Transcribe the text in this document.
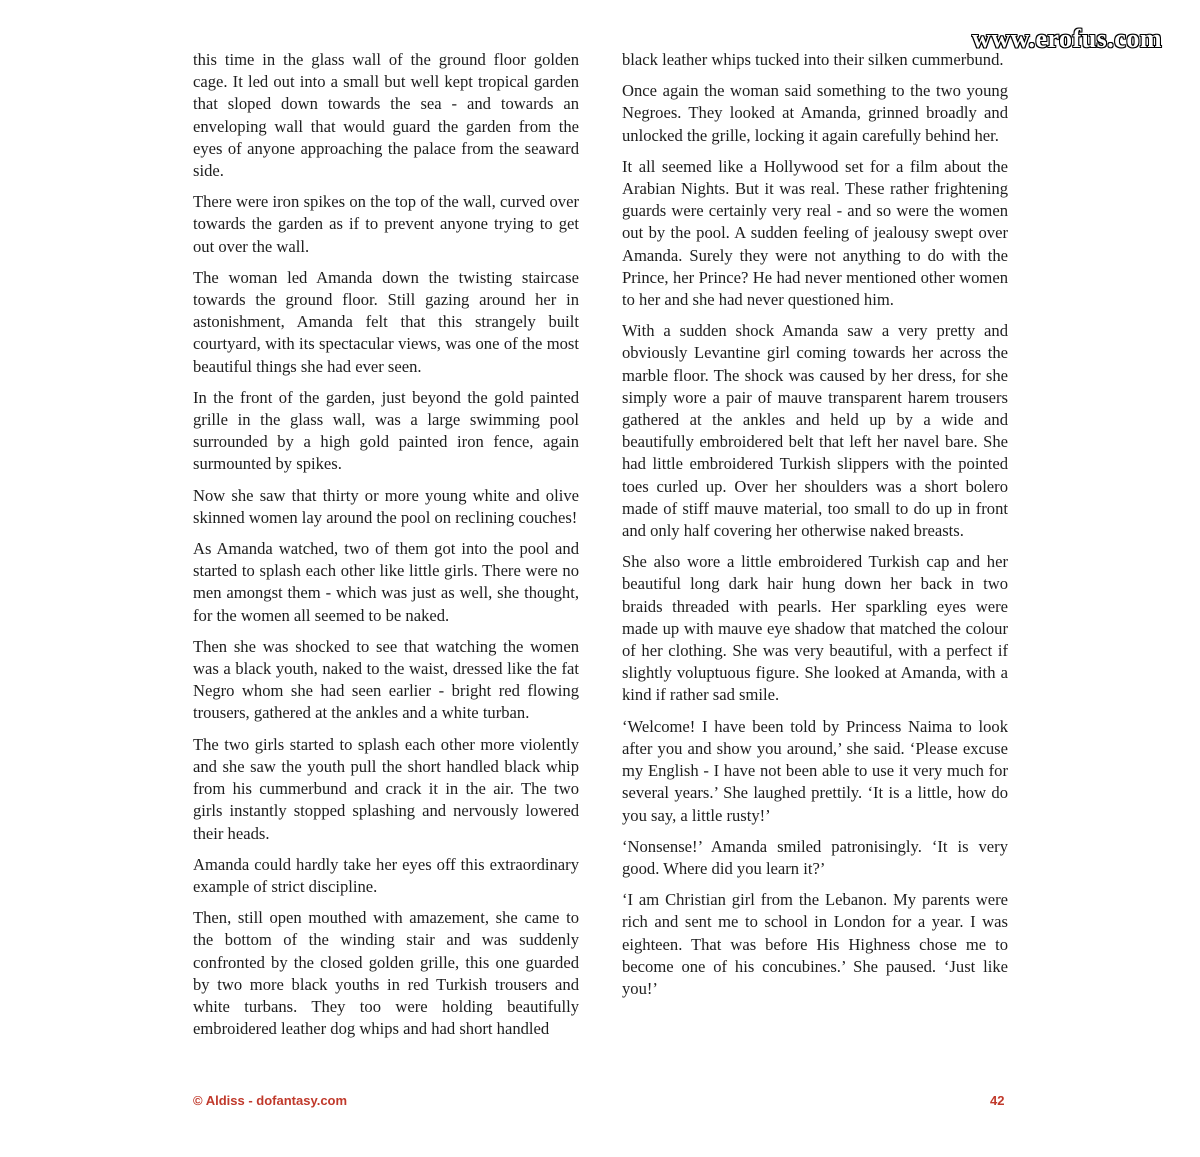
www.erofus.com

this time in the glass wall of the ground floor golden cage. It led out into a small but well kept tropical garden that sloped down towards the sea - and towards an enveloping wall that would guard the garden from the eyes of anyone approaching the palace from the seaward side.

There were iron spikes on the top of the wall, curved over towards the garden as if to prevent anyone trying to get out over the wall.

The woman led Amanda down the twisting staircase towards the ground floor. Still gazing around her in astonishment, Amanda felt that this strangely built courtyard, with its spectacular views, was one of the most beautiful things she had ever seen.

In the front of the garden, just beyond the gold painted grille in the glass wall, was a large swimming pool surrounded by a high gold painted iron fence, again surmounted by spikes.

Now she saw that thirty or more young white and olive skinned women lay around the pool on reclining couches!

As Amanda watched, two of them got into the pool and started to splash each other like little girls. There were no men amongst them - which was just as well, she thought, for the women all seemed to be naked.

Then she was shocked to see that watching the women was a black youth, naked to the waist, dressed like the fat Negro whom she had seen earlier - bright red flowing trousers, gathered at the ankles and a white turban.

The two girls started to splash each other more violently and she saw the youth pull the short handled black whip from his cummerbund and crack it in the air. The two girls instantly stopped splashing and nervously lowered their heads.

Amanda could hardly take her eyes off this extraordinary example of strict discipline.

Then, still open mouthed with amazement, she came to the bottom of the winding stair and was suddenly confronted by the closed golden grille, this one guarded by two more black youths in red Turkish trousers and white turbans. They too were holding beautifully embroidered leather dog whips and had short handled

black leather whips tucked into their silken cummerbund.

Once again the woman said something to the two young Negroes. They looked at Amanda, grinned broadly and unlocked the grille, locking it again carefully behind her.

It all seemed like a Hollywood set for a film about the Arabian Nights. But it was real. These rather frightening guards were certainly very real - and so were the women out by the pool. A sudden feeling of jealousy swept over Amanda. Surely they were not anything to do with the Prince, her Prince? He had never mentioned other women to her and she had never questioned him.

With a sudden shock Amanda saw a very pretty and obviously Levantine girl coming towards her across the marble floor. The shock was caused by her dress, for she simply wore a pair of mauve transparent harem trousers gathered at the ankles and held up by a wide and beautifully embroidered belt that left her navel bare. She had little embroidered Turkish slippers with the pointed toes curled up. Over her shoulders was a short bolero made of stiff mauve material, too small to do up in front and only half covering her otherwise naked breasts.

She also wore a little embroidered Turkish cap and her beautiful long dark hair hung down her back in two braids threaded with pearls. Her sparkling eyes were made up with mauve eye shadow that matched the colour of her clothing. She was very beautiful, with a perfect if slightly voluptuous figure. She looked at Amanda, with a kind if rather sad smile.

‘Welcome! I have been told by Princess Naima to look after you and show you around,’ she said. ‘Please excuse my English - I have not been able to use it very much for several years.’ She laughed prettily. ‘It is a little, how do you say, a little rusty!’

‘Nonsense!’ Amanda smiled patronisingly. ‘It is very good. Where did you learn it?’

‘I am Christian girl from the Lebanon. My parents were rich and sent me to school in London for a year. I was eighteen. That was before His Highness chose me to become one of his concubines.’ She paused. ‘Just like you!’

© Aldiss - dofantasy.com	42
